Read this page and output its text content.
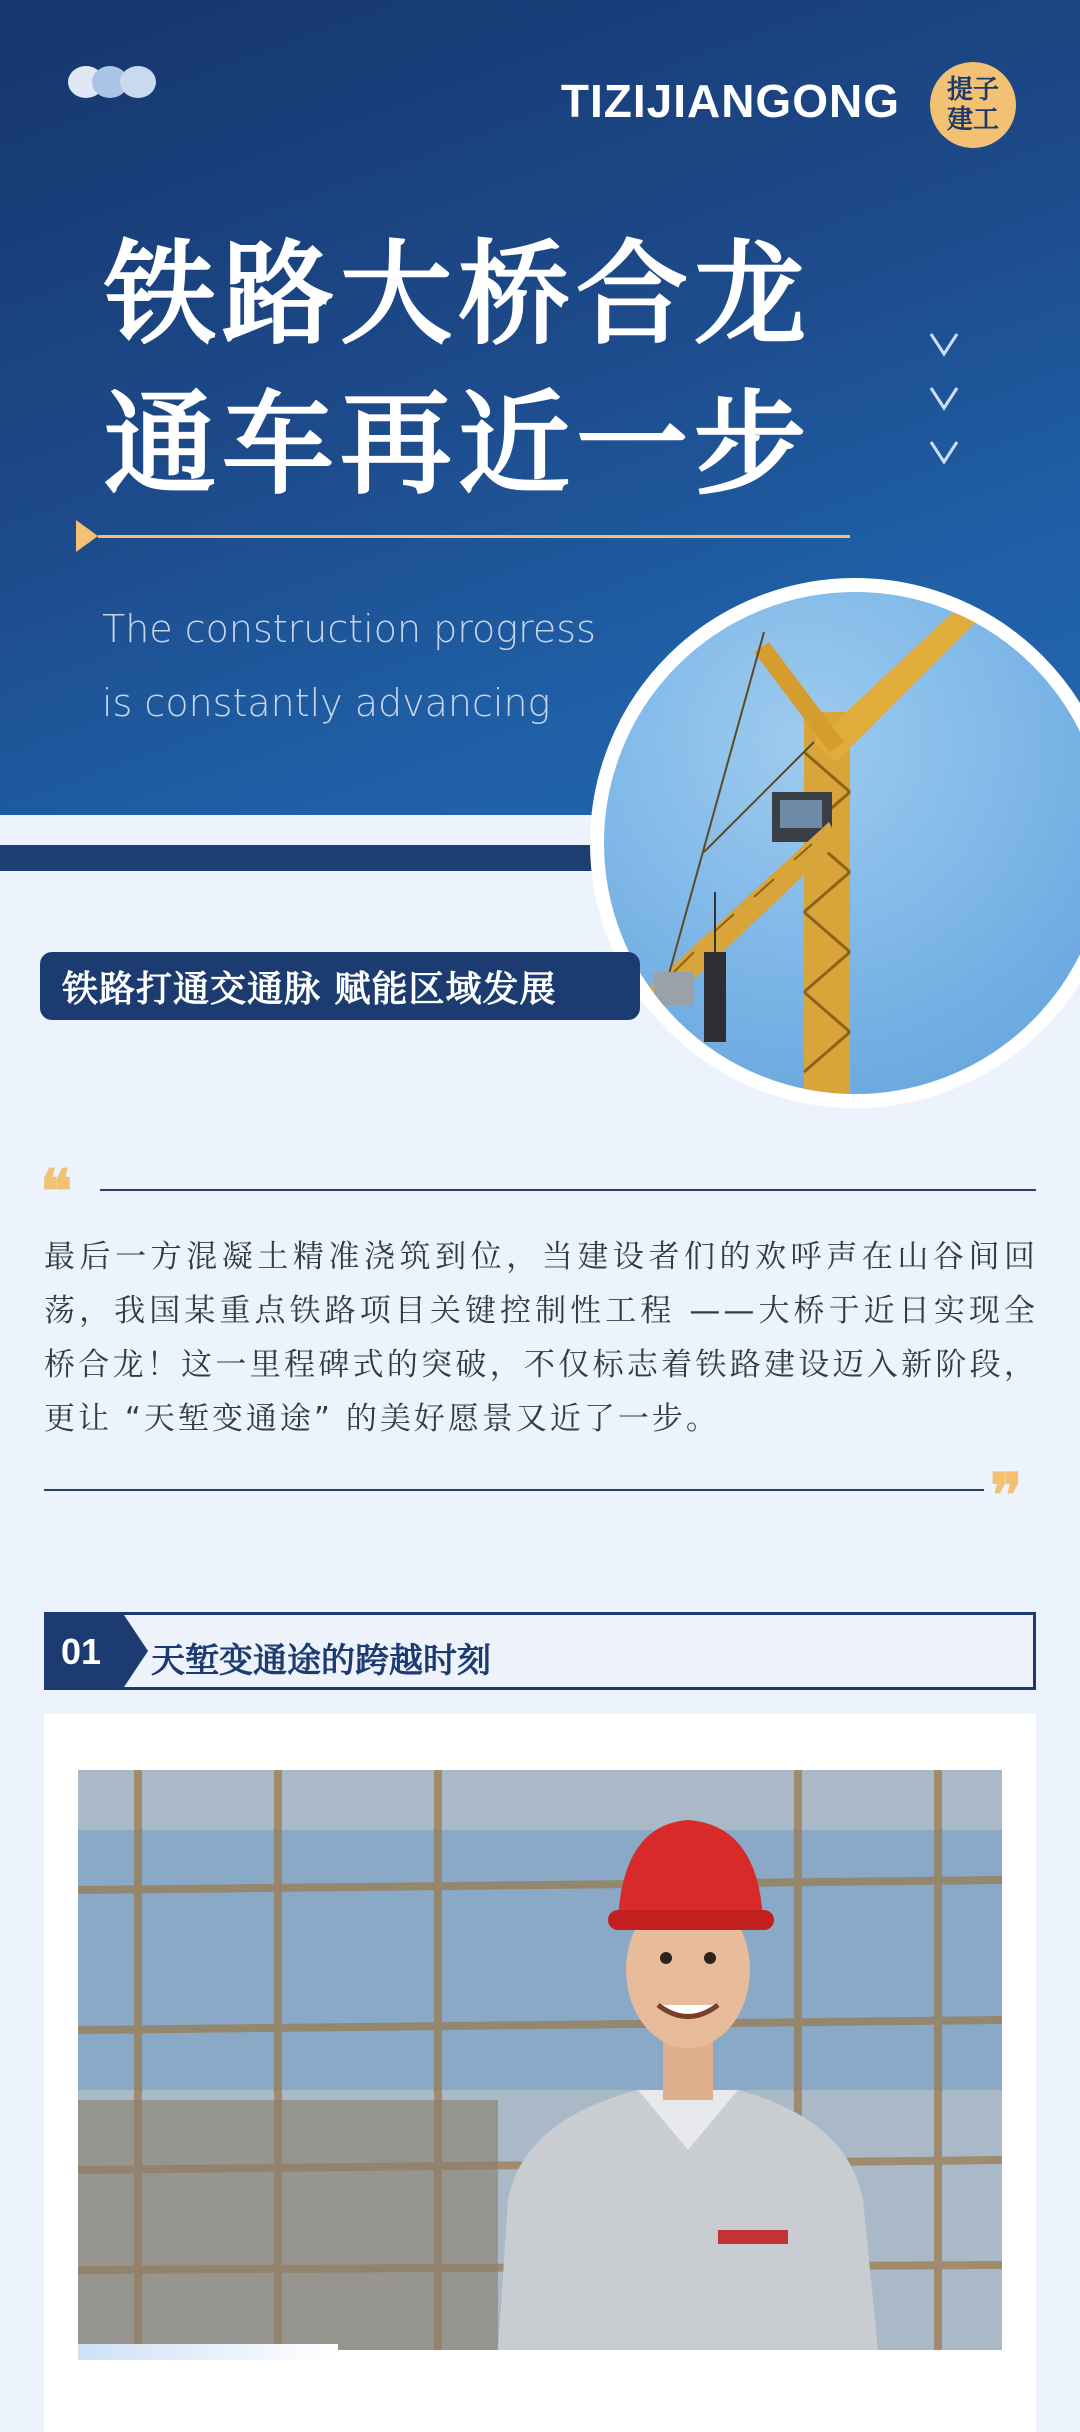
TIZIJIANGONG 提子
建工
铁路大桥合龙
通车再近一步
The construction progress is constantly advancing
铁路打通交通脉 赋能区域发展
❝
最后一方混凝土精准浇筑到位，当建设者们的欢呼声在山谷间回荡，我国某重点铁路项目关键控制性工程 ——大桥于近日实现全桥合龙！这一里程碑式的突破，不仅标志着铁路建设迈入新阶段，更让 “天堑变通途” 的美好愿景又近了一步。
❞
01 天堑变通途的跨越时刻
